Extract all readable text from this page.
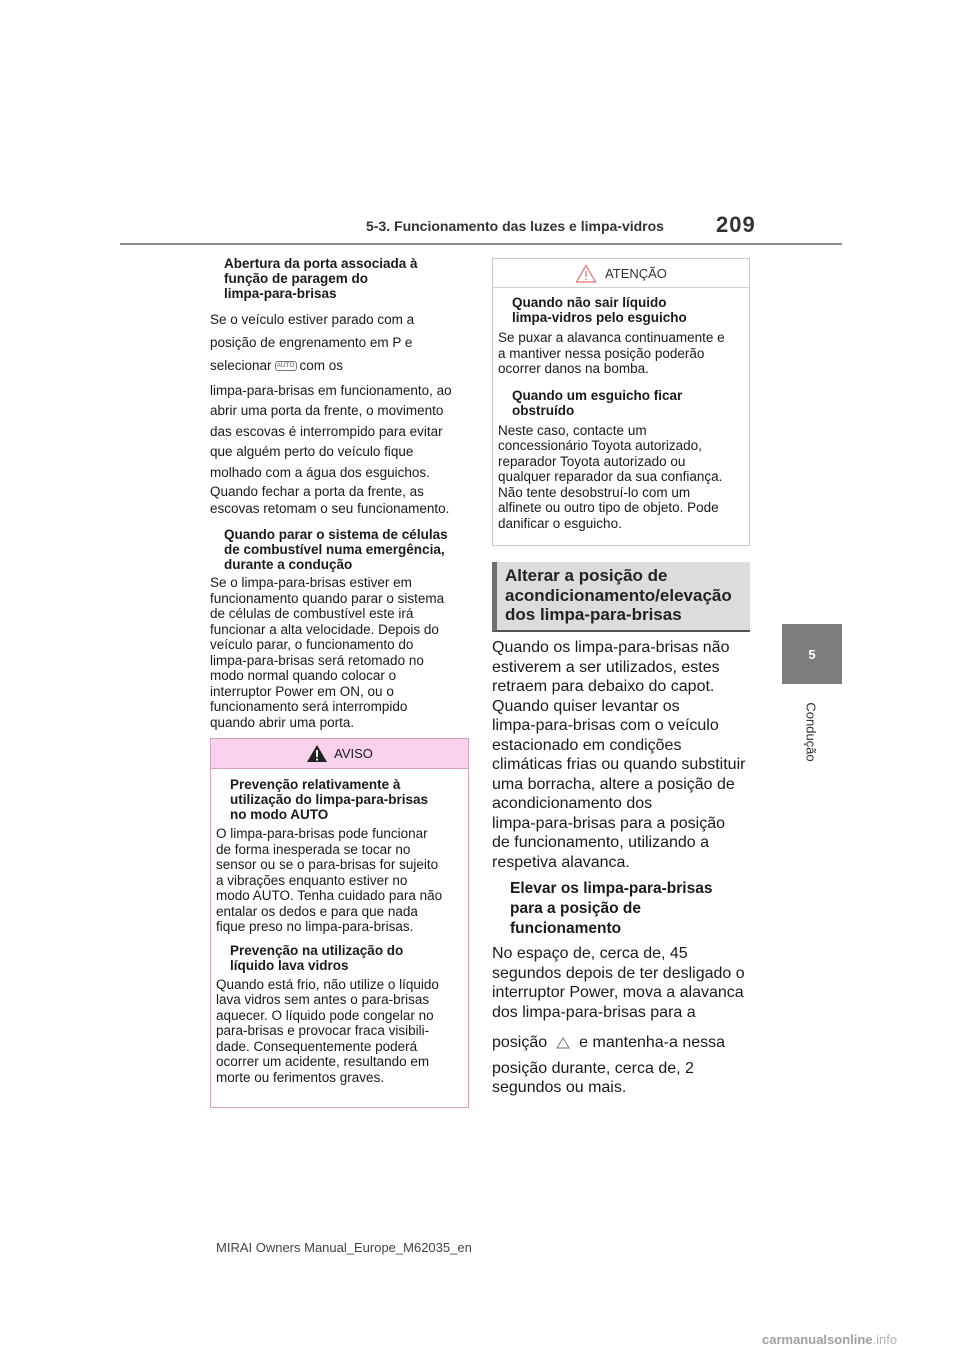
5-3. Funcionamento das luzes e limpa-vidros 209
5
Condução
Abertura da porta associada à
função de paragem do
limpa-para-brisas
Se o veículo estiver parado com a
posição de engrenamento em P e
selecionar AUTO com os
limpa-para-brisas em funcionamento, ao
abrir uma porta da frente, o movimento
das escovas é interrompido para evitar
que alguém perto do veículo fique
molhado com a água dos esguichos.
Quando fechar a porta da frente, as
escovas retomam o seu funcionamento.
Quando parar o sistema de células
de combustível numa emergência,
durante a condução
Se o limpa-para-brisas estiver em
funcionamento quando parar o sistema
de células de combustível este irá
funcionar a alta velocidade. Depois do
veículo parar, o funcionamento do
limpa-para-brisas será retomado no
modo normal quando colocar o
interruptor Power em ON, ou o
funcionamento será interrompido
quando abrir uma porta.
AVISO
Prevenção relativamente à
utilização do limpa-para-brisas
no modo AUTO
O limpa-para-brisas pode funcionar
de forma inesperada se tocar no
sensor ou se o para-brisas for sujeito
a vibrações enquanto estiver no
modo AUTO. Tenha cuidado para não
entalar os dedos e para que nada
fique preso no limpa-para-brisas.
Prevenção na utilização do
líquido lava vidros
Quando está frio, não utilize o líquido
lava vidros sem antes o para-brisas
aquecer. O líquido pode congelar no
para-brisas e provocar fraca visibili-
dade. Consequentemente poderá
ocorrer um acidente, resultando em
morte ou ferimentos graves.
ATENÇÃO
Quando não sair líquido
limpa-vidros pelo esguicho
Se puxar a alavanca continuamente e
a mantiver nessa posição poderão
ocorrer danos na bomba.
Quando um esguicho ficar
obstruído
Neste caso, contacte um
concessionário Toyota autorizado,
reparador Toyota autorizado ou
qualquer reparador da sua confiança.
Não tente desobstruí-lo com um
alfinete ou outro tipo de objeto. Pode
danificar o esguicho.
Alterar a posição de
acondicionamento/elevação
dos limpa-para-brisas
Quando os limpa-para-brisas não
estiverem a ser utilizados, estes
retraem para debaixo do capot.
Quando quiser levantar os
limpa-para-brisas com o veículo
estacionado em condições
climáticas frias ou quando substituir
uma borracha, altere a posição de
acondicionamento dos
limpa-para-brisas para a posição
de funcionamento, utilizando a
respetiva alavanca.
Elevar os limpa-para-brisas
para a posição de
funcionamento
No espaço de, cerca de, 45
segundos depois de ter desligado o
interruptor Power, mova a alavanca
dos limpa-para-brisas para a
posição e mantenha-a nessa
posição durante, cerca de, 2
segundos ou mais.
MIRAI Owners Manual_Europe_M62035_en
carmanualsonline.info
